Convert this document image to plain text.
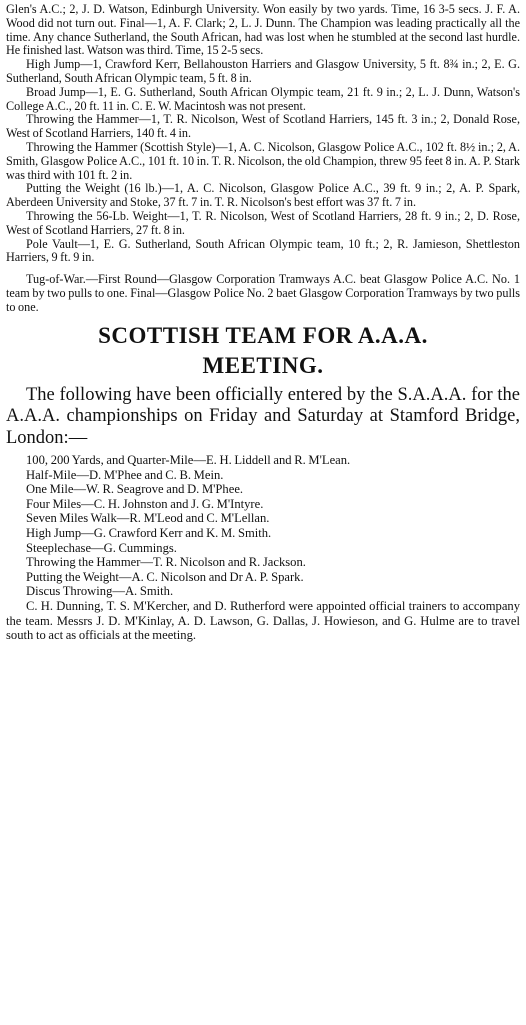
Glen's A.C.; 2, J. D. Watson, Edinburgh University. Won easily by two yards. Time, 16 3-5 secs. J. F. A. Wood did not turn out. Final—1, A. F. Clark; 2, L. J. Dunn. The Champion was leading practically all the time. Any chance Sutherland, the South African, had was lost when he stumbled at the second last hurdle. He finished last. Watson was third. Time, 15 2-5 secs.

High Jump—1, Crawford Kerr, Bellahouston Harriers and Glasgow University, 5 ft. 8¾ in.; 2, E. G. Sutherland, South African Olympic team, 5 ft. 8 in.

Broad Jump—1, E. G. Sutherland, South African Olympic team, 21 ft. 9 in.; 2, L. J. Dunn, Watson's College A.C., 20 ft. 11 in. C. E. W. Macintosh was not present.

Throwing the Hammer—1, T. R. Nicolson, West of Scotland Harriers, 145 ft. 3 in.; 2, Donald Rose, West of Scotland Harriers, 140 ft. 4 in.

Throwing the Hammer (Scottish Style)—1, A. C. Nicolson, Glasgow Police A.C., 102 ft. 8½ in.; 2, A. Smith, Glasgow Police A.C., 101 ft. 10 in. T. R. Nicolson, the old Champion, threw 95 feet 8 in. A. P. Stark was third with 101 ft. 2 in.

Putting the Weight (16 lb.)—1, A. C. Nicolson, Glasgow Police A.C., 39 ft. 9 in.; 2, A. P. Spark, Aberdeen University and Stoke, 37 ft. 7 in. T. R. Nicolson's best effort was 37 ft. 7 in.

Throwing the 56-Lb. Weight—1, T. R. Nicolson, West of Scotland Harriers, 28 ft. 9 in.; 2, D. Rose, West of Scotland Harriers, 27 ft. 8 in.

Pole Vault—1, E. G. Sutherland, South African Olympic team, 10 ft.; 2, R. Jamieson, Shettleston Harriers, 9 ft. 9 in.

Tug-of-War.—First Round—Glasgow Corporation Tramways A.C. beat Glasgow Police A.C. No. 1 team by two pulls to one. Final—Glasgow Police No. 2 baet Glasgow Corporation Tramways by two pulls to one.

SCOTTISH TEAM FOR A.A.A.
MEETING.

The following have been officially entered by the S.A.A.A. for the A.A.A. championships on Friday and Saturday at Stamford Bridge, London:—

100, 200 Yards, and Quarter-Mile—E. H. Liddell and R. M'Lean.

Half-Mile—D. M'Phee and C. B. Mein.

One Mile—W. R. Seagrove and D. M'Phee.

Four Miles—C. H. Johnston and J. G. M'Intyre.

Seven Miles Walk—R. M'Leod and C. M'Lellan.

High Jump—G. Crawford Kerr and K. M. Smith.

Steeplechase—G. Cummings.

Throwing the Hammer—T. R. Nicolson and R. Jackson.

Putting the Weight—A. C. Nicolson and Dr A. P. Spark.

Discus Throwing—A. Smith.

C. H. Dunning, T. S. M'Kercher, and D. Rutherford were appointed official trainers to accompany the team. Messrs J. D. M'Kinlay, A. D. Lawson, G. Dallas, J. Howieson, and G. Hulme are to travel south to act as officials at the meeting.
